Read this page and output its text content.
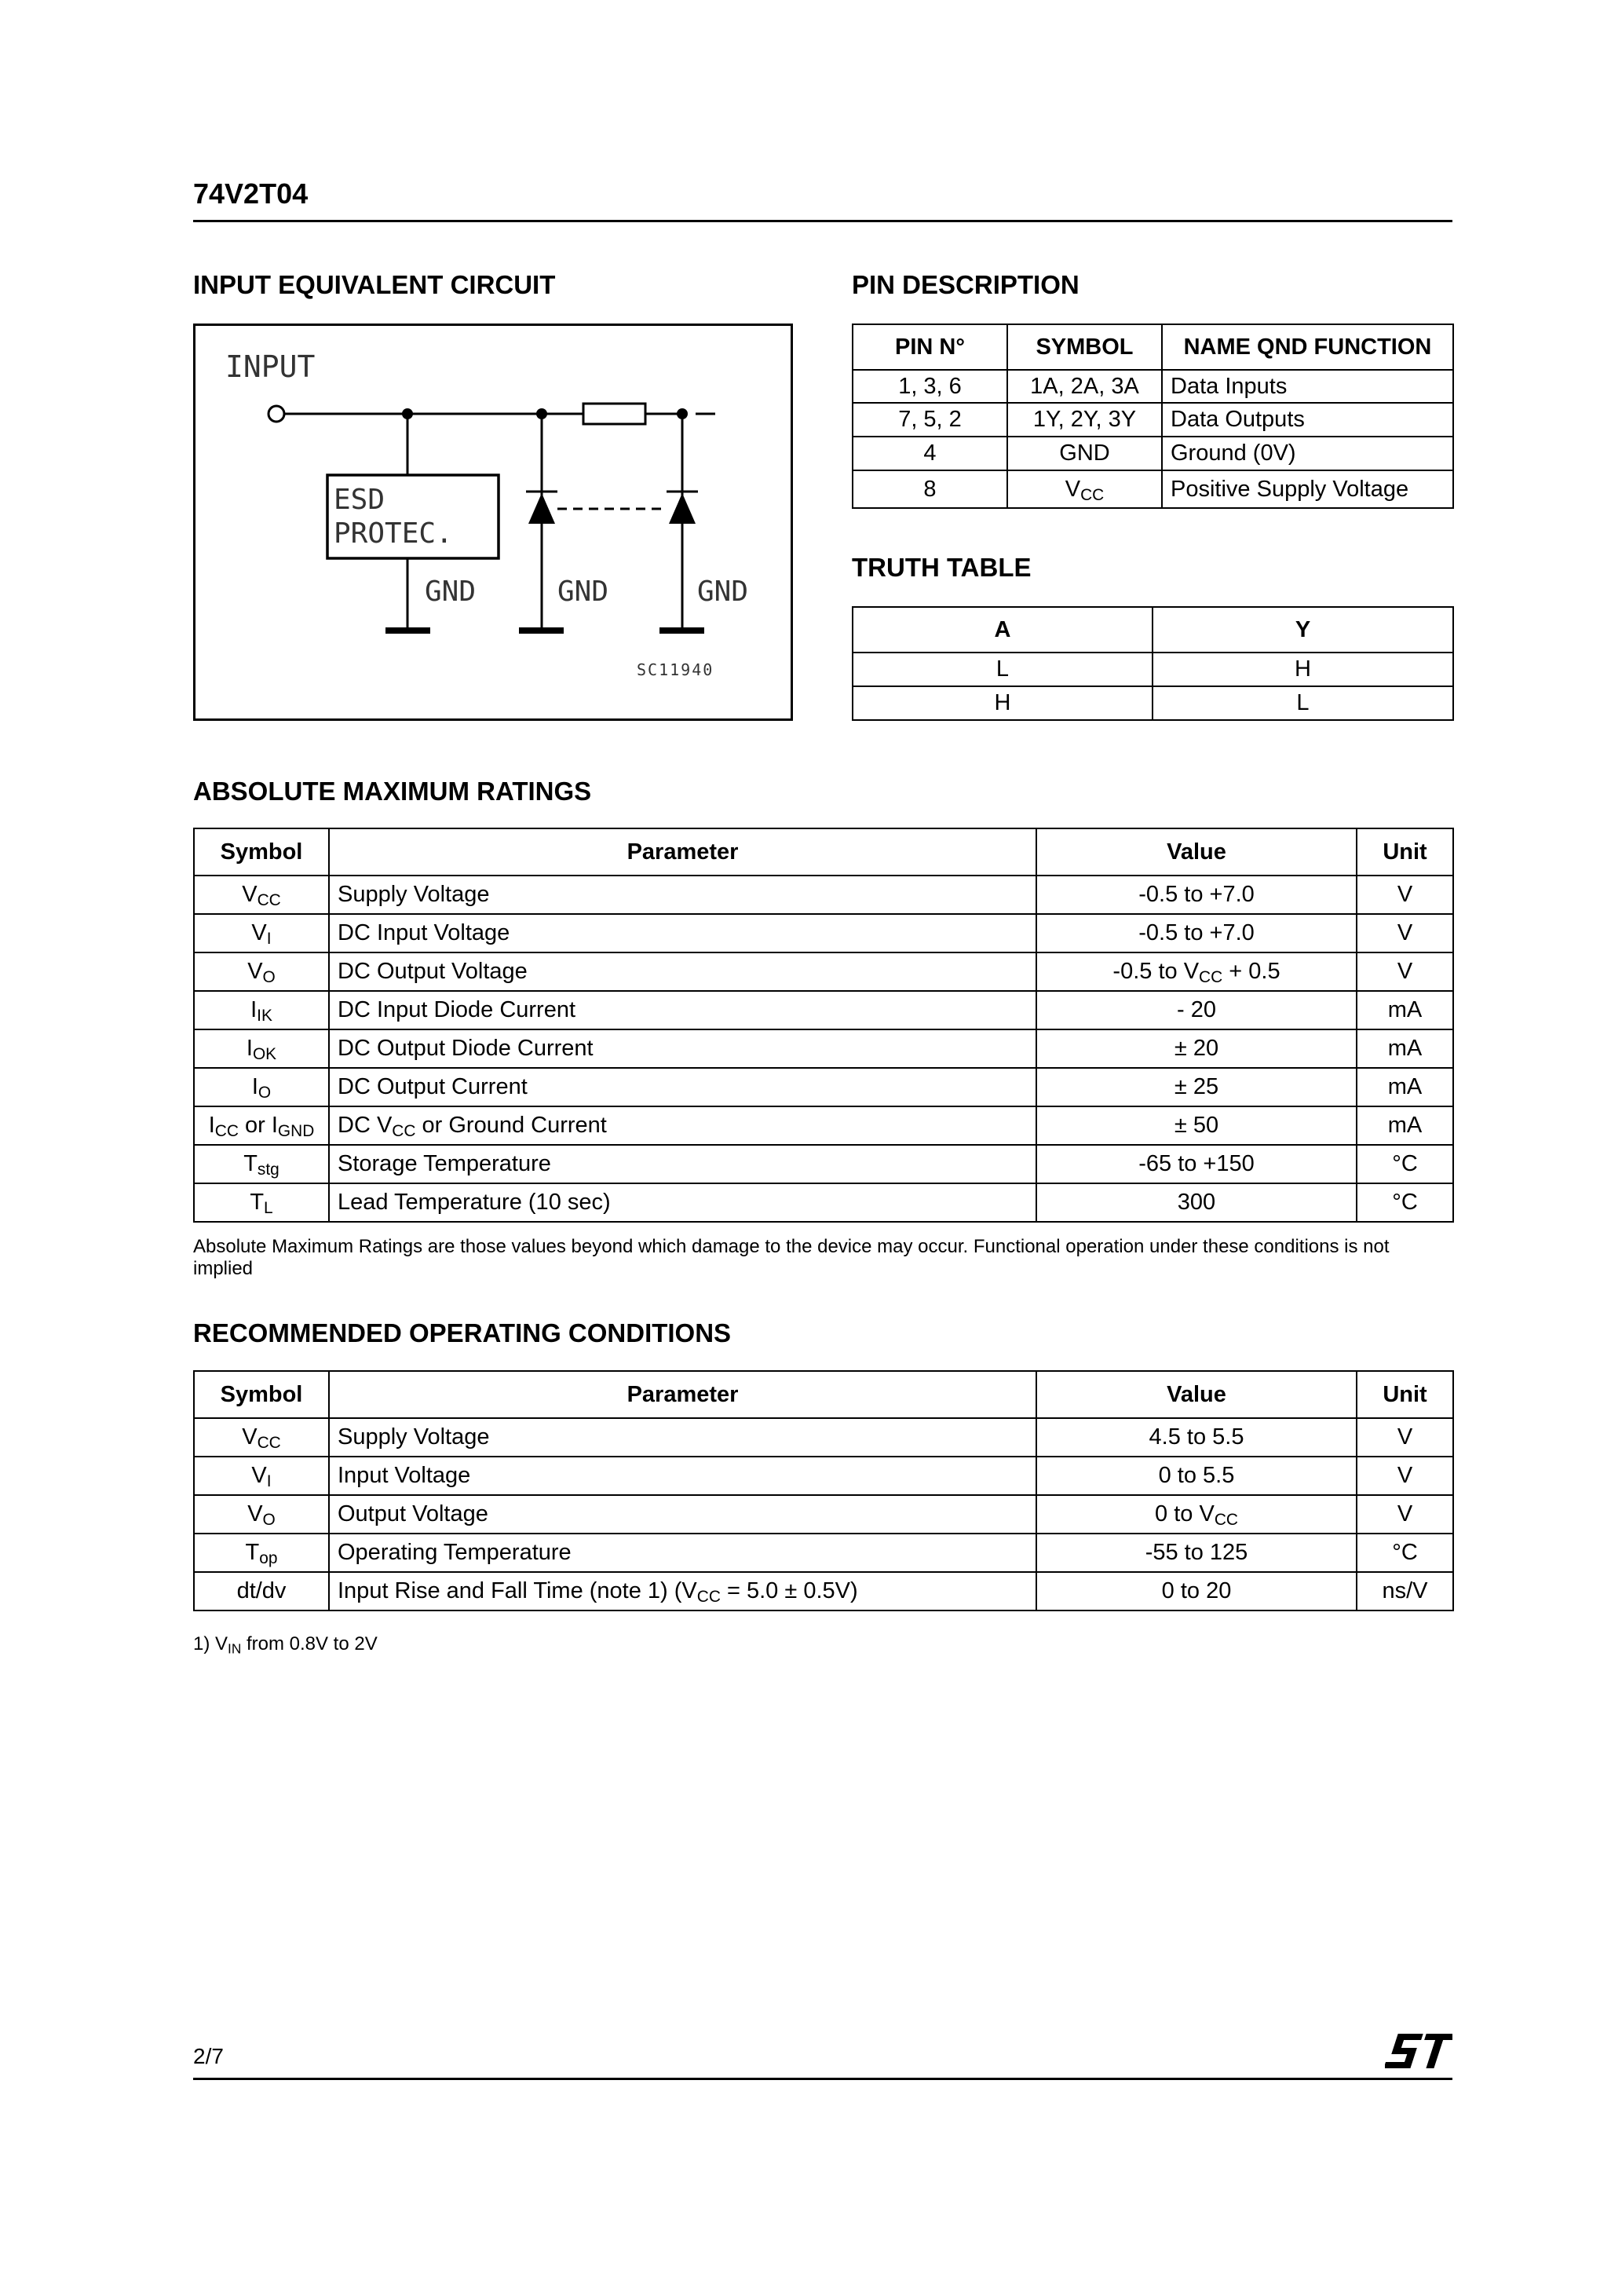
74V2T04
INPUT EQUIVALENT CIRCUIT
INPUT
ESD
PROTEC.
GND	GND	GND
SC11940
PIN DESCRIPTION
PIN N°	SYMBOL	NAME QND FUNCTION
1, 3, 6	1A, 2A, 3A	Data Inputs
7, 5, 2	1Y, 2Y, 3Y	Data Outputs
4	GND	Ground (0V)
8	$V_{CC}$	Positive Supply Voltage
TRUTH TABLE
A	Y
L	H
H	L
ABSOLUTE MAXIMUM RATINGS
Symbol	Parameter	Value	Unit
$V_{CC}$	Supply Voltage	-0.5 to +7.0	V
$V_I$	DC Input Voltage	-0.5 to +7.0	V
$V_O$	DC Output Voltage	-0.5 to $V_{CC} + 0.5$	V
$I_{IK}$	DC Input Diode Current	- 20	mA
$I_{OK}$	DC Output Diode Current	± 20	mA
$I_O$	DC Output Current	± 25	mA
$I_{CC}$ or $I_{GND}$	DC $V_{CC}$ or Ground Current	± 50	mA
$T_{stg}$	Storage Temperature	-65 to +150	°C
$T_L$	Lead Temperature (10 sec)	300	°C
Absolute Maximum Ratings are those values beyond which damage to the device may occur. Functional operation under these conditions is not implied
RECOMMENDED OPERATING CONDITIONS
Symbol	Parameter	Value	Unit
$V_{CC}$	Supply Voltage	4.5 to 5.5	V
$V_I$	Input Voltage	0 to 5.5	V
$V_O$	Output Voltage	0 to $V_{CC}$	V
$T_{op}$	Operating Temperature	-55 to 125	°C
dt/dv	Input Rise and Fall Time (note 1) $(V_{CC} = 5.0 \pm 0.5V)$	0 to 20	ns/V
1) $V_{IN}$ from 0.8V to 2V
2/7
